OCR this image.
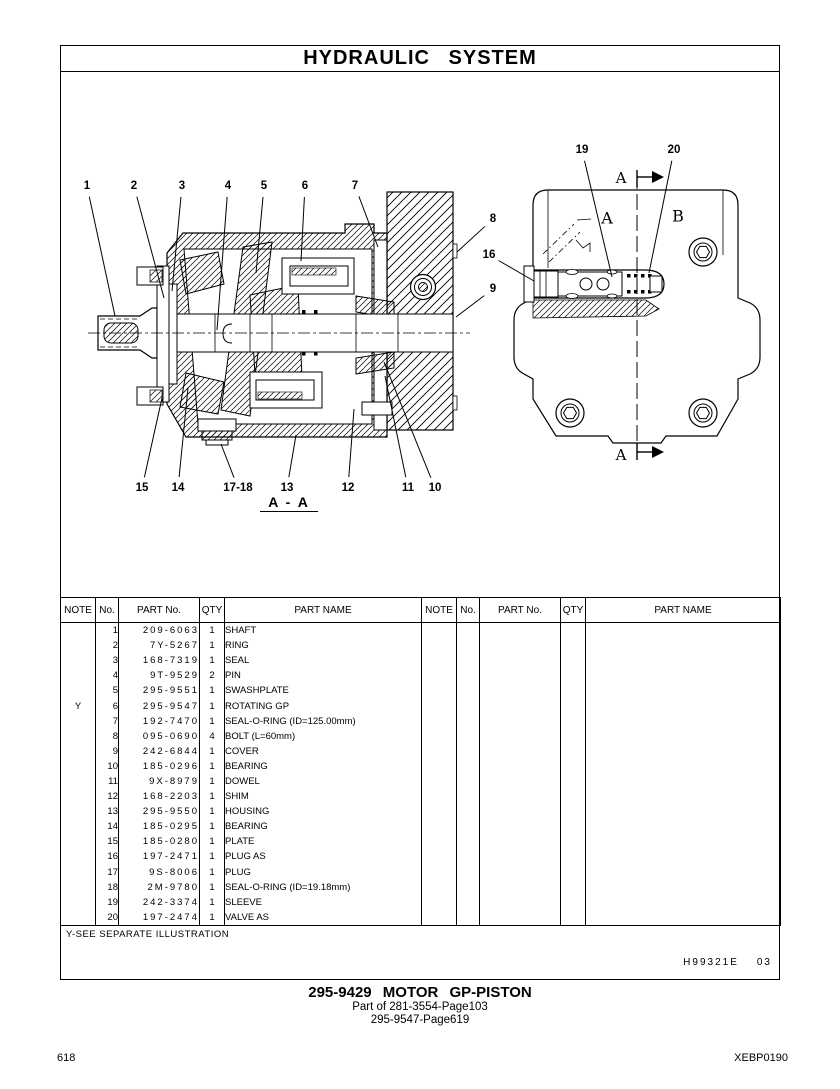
HYDRAULIC SYSTEM
1	2	3	4	5	6	7
8
9
16
15 14	17-18 13	12	11 10
19	20
A
A
A	B
A - A
NOTE	No.	PART No.	QTY	PART NAME	NOTE	No.	PART No.	QTY	PART NAME
	1	209-6063	1	SHAFT					
	2	7Y-5267	1	RING					
	3	168-7319	1	SEAL					
	4	9T-9529	2	PIN					
	5	295-9551	1	SWASHPLATE					
Y	6	295-9547	1	ROTATING GP					
	7	192-7470	1	SEAL-O-RING (ID=125.00mm)					
	8	095-0690	4	BOLT (L=60mm)					
	9	242-6844	1	COVER					
	10	185-0296	1	BEARING					
	11	9X-8979	1	DOWEL					
	12	168-2203	1	SHIM					
	13	295-9550	1	HOUSING					
	14	185-0295	1	BEARING					
	15	185-0280	1	PLATE					
	16	197-2471	1	PLUG AS					
	17	9S-8006	1	PLUG					
	18	2M-9780	1	SEAL-O-RING (ID=19.18mm)					
	19	242-3374	1	SLEEVE					
	20	197-2474	1	VALVE AS					
Y-SEE SEPARATE ILLUSTRATION
H99321E 03
295-9429 MOTOR GP-PISTON
Part of 281-3554-Page103
295-9547-Page619
618	XEBP0190
